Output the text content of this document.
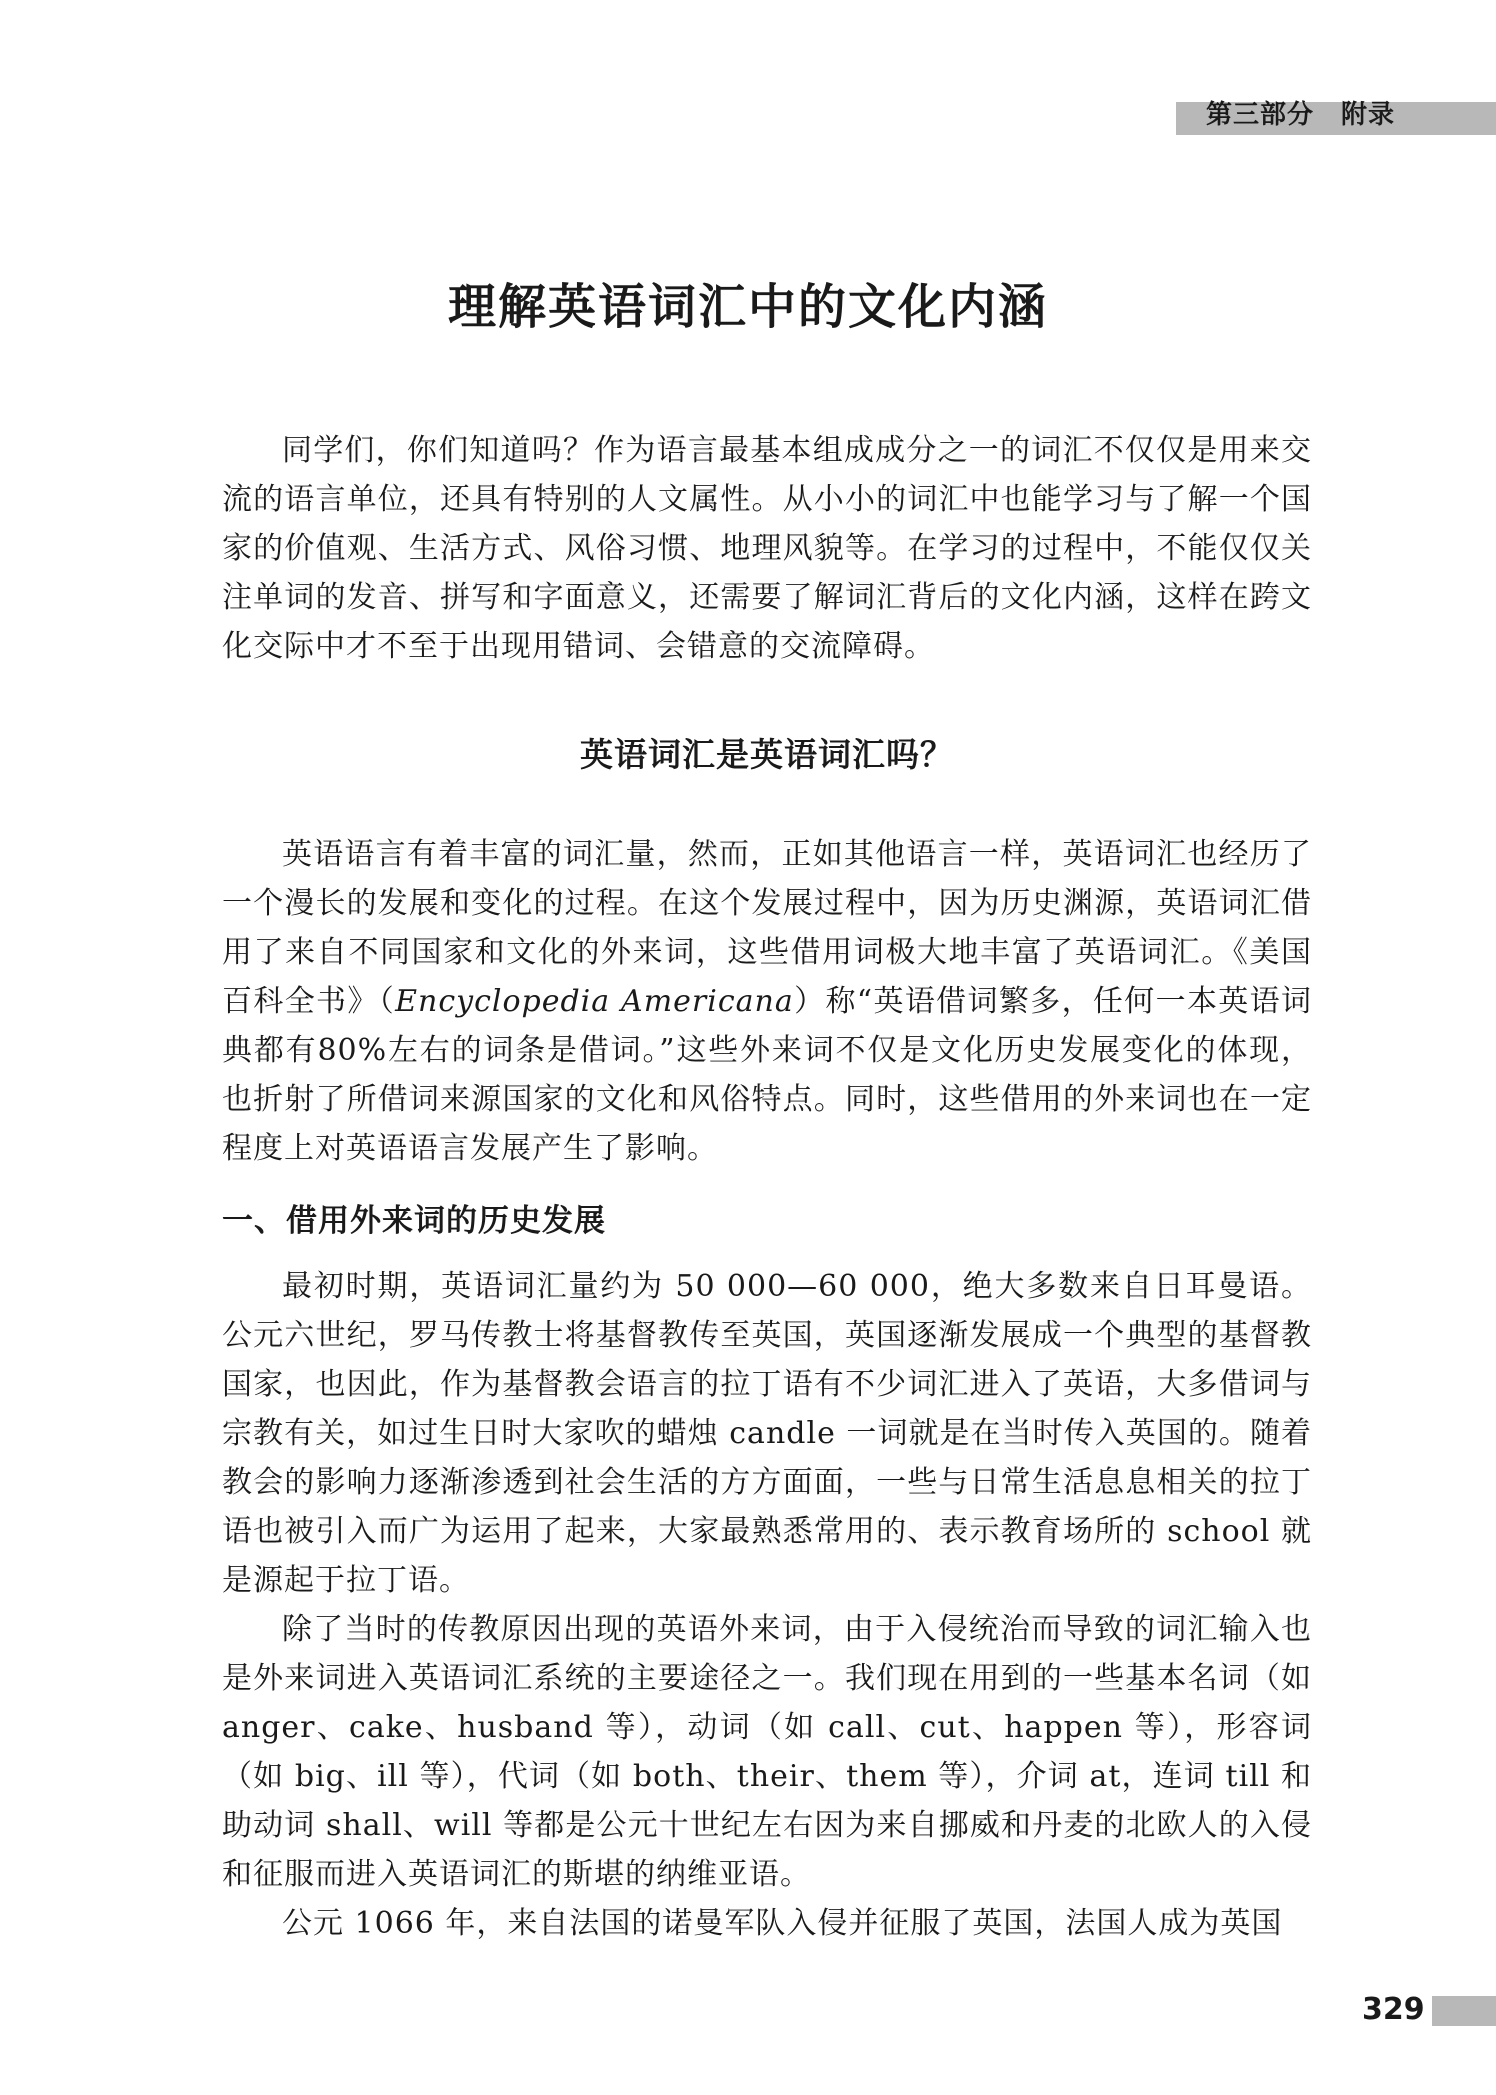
第三部分　附录
理解英语词汇中的文化内涵

同学们，你们知道吗？作为语言最基本组成成分之一的词汇不仅仅是用来交流的语言单位，还具有特别的人文属性。从小小的词汇中也能学习与了解一个国家的价值观、生活方式、风俗习惯、地理风貌等。在学习的过程中，不能仅仅关注单词的发音、拼写和字面意义，还需要了解词汇背后的文化内涵，这样在跨文化交际中才不至于出现用错词、会错意的交流障碍。

英语词汇是英语词汇吗？

英语语言有着丰富的词汇量，然而，正如其他语言一样，英语词汇也经历了一个漫长的发展和变化的过程。在这个发展过程中，因为历史渊源，英语词汇借用了来自不同国家和文化的外来词，这些借用词极大地丰富了英语词汇。《美国百科全书》（Encyclopedia Americana）称“英语借词繁多，任何一本英语词典都有80%左右的词条是借词。”这些外来词不仅是文化历史发展变化的体现，也折射了所借词来源国家的文化和风俗特点。同时，这些借用的外来词也在一定程度上对英语语言发展产生了影响。

一、借用外来词的历史发展

最初时期，英语词汇量约为 50 000—60 000，绝大多数来自日耳曼语。公元六世纪，罗马传教士将基督教传至英国，英国逐渐发展成一个典型的基督教国家，也因此，作为基督教会语言的拉丁语有不少词汇进入了英语，大多借词与宗教有关，如过生日时大家吹的蜡烛 candle 一词就是在当时传入英国的。随着教会的影响力逐渐渗透到社会生活的方方面面，一些与日常生活息息相关的拉丁语也被引入而广为运用了起来，大家最熟悉常用的、表示教育场所的 school 就是源起于拉丁语。

除了当时的传教原因出现的英语外来词，由于入侵统治而导致的词汇输入也是外来词进入英语词汇系统的主要途径之一。我们现在用到的一些基本名词（如 anger、cake、husband 等），动词（如 call、cut、happen 等），形容词（如 big、ill 等），代词（如 both、their、them 等），介词 at，连词 till 和助动词 shall、will 等都是公元十世纪左右因为来自挪威和丹麦的北欧人的入侵和征服而进入英语词汇的斯堪的纳维亚语。

公元 1066 年，来自法国的诺曼军队入侵并征服了英国，法国人成为英国

329
